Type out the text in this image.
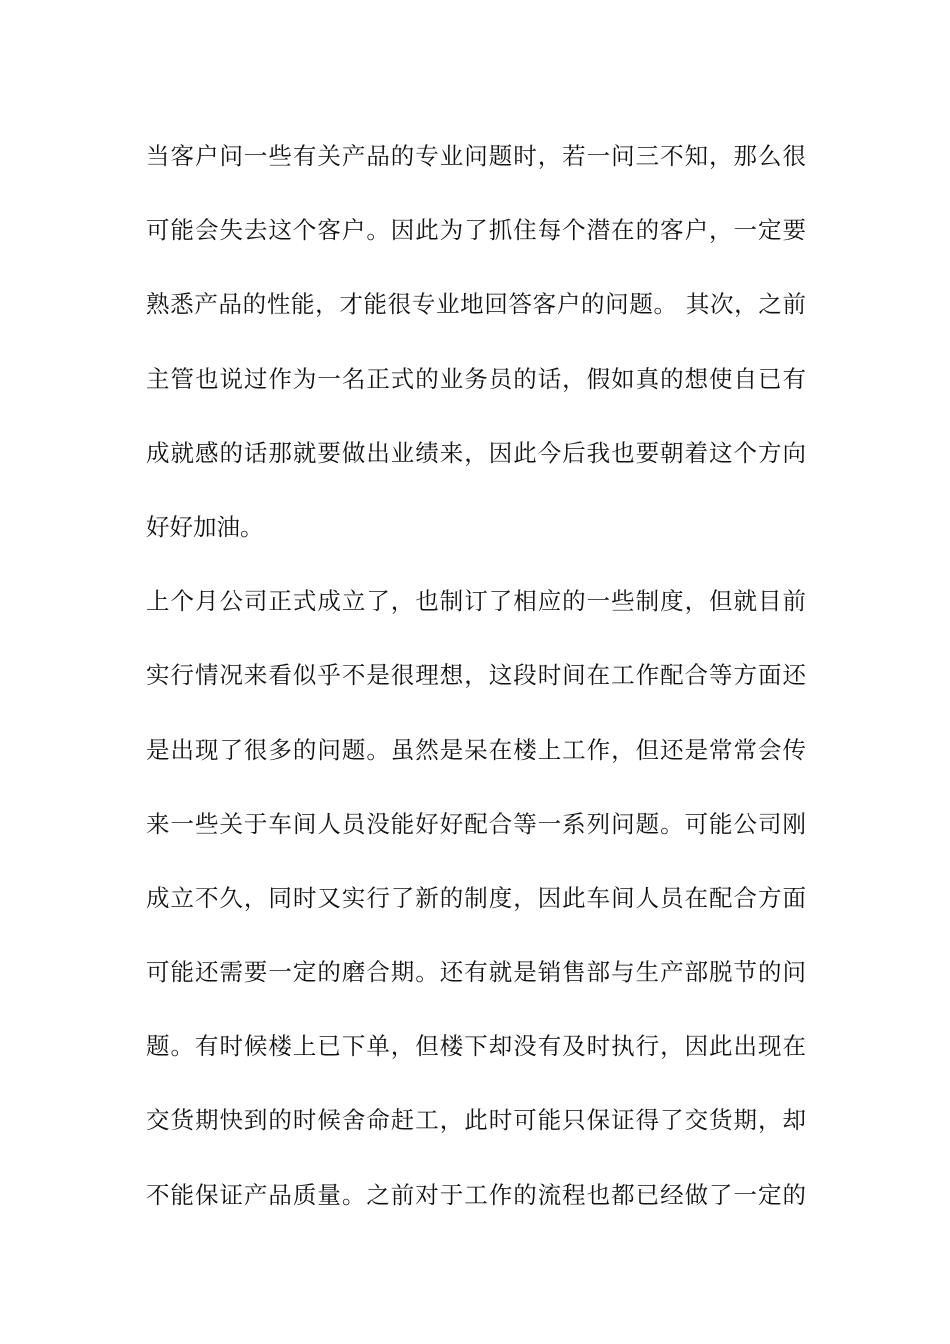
当客户问一些有关产品的专业问题时，若一问三不知，那么很
可能会失去这个客户。因此为了抓住每个潜在的客户，一定要
熟悉产品的性能，才能很专业地回答客户的问题。 其次，之前
主管也说过作为一名正式的业务员的话，假如真的想使自已有
成就感的话那就要做出业绩来，因此今后我也要朝着这个方向
好好加油。
上个月公司正式成立了，也制订了相应的一些制度，但就目前
实行情况来看似乎不是很理想，这段时间在工作配合等方面还
是出现了很多的问题。虽然是呆在楼上工作，但还是常常会传
来一些关于车间人员没能好好配合等一系列问题。可能公司刚
成立不久，同时又实行了新的制度，因此车间人员在配合方面
可能还需要一定的磨合期。还有就是销售部与生产部脱节的问
题。有时候楼上已下单，但楼下却没有及时执行，因此出现在
交货期快到的时候舍命赶工，此时可能只保证得了交货期，却
不能保证产品质量。之前对于工作的流程也都已经做了一定的
